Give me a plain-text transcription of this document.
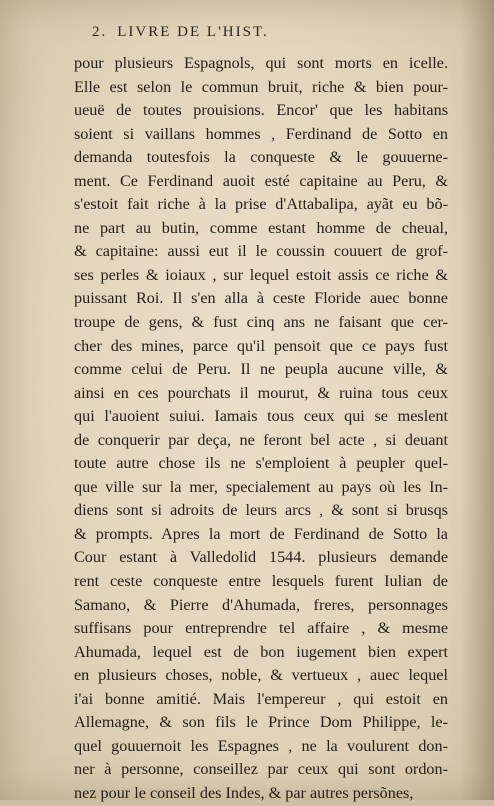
2. LIVRE DE L'HIST.
pour plusieurs Espagnols, qui sont morts en icelle.
Elle est selon le commun bruit, riche & bien pour-
ueuë de toutes prouisions. Encor' que les habitans
soient si vaillans hommes , Ferdinand de Sotto en
demanda toutesfois la conqueste & le gouuerne-
ment. Ce Ferdinand auoit esté capitaine au Peru, &
s'estoit fait riche à la prise d'Attabalipa, ayãt eu bõ-
ne part au butin, comme estant homme de cheual,
& capitaine: aussi eut il le coussin couuert de grof-
ses perles & ioiaux , sur lequel estoit assis ce riche &
puissant Roi. Il s'en alla à ceste Floride auec bonne
troupe de gens, & fust cinq ans ne faisant que cer-
cher des mines, parce qu'il pensoit que ce pays fust
comme celui de Peru. Il ne peupla aucune ville, &
ainsi en ces pourchats il mourut, & ruina tous ceux
qui l'auoient suiui. Iamais tous ceux qui se meslent
de conquerir par deça, ne feront bel acte , si deuant
toute autre chose ils ne s'emploient à peupler quel-
que ville sur la mer, specialement au pays où les In-
diens sont si adroits de leurs arcs , & sont si brusqs
& prompts. Apres la mort de Ferdinand de Sotto la
Cour estant à Valledolid 1544. plusieurs demande
rent ceste conqueste entre lesquels furent Iulian de
Samano, & Pierre d'Ahumada, freres, personnages
suffisans pour entreprendre tel affaire , & mesme
Ahumada, lequel est de bon iugement bien expert
en plusieurs choses, noble, & vertueux , auec lequel
i'ai bonne amitié. Mais l'empereur , qui estoit en
Allemagne, & son fils le Prince Dom Philippe, le-
quel gouuernoit les Espagnes , ne la voulurent don-
ner à personne, conseillez par ceux qui sont ordon-
nez pour le conseil des Indes, & par autres persõnes,
